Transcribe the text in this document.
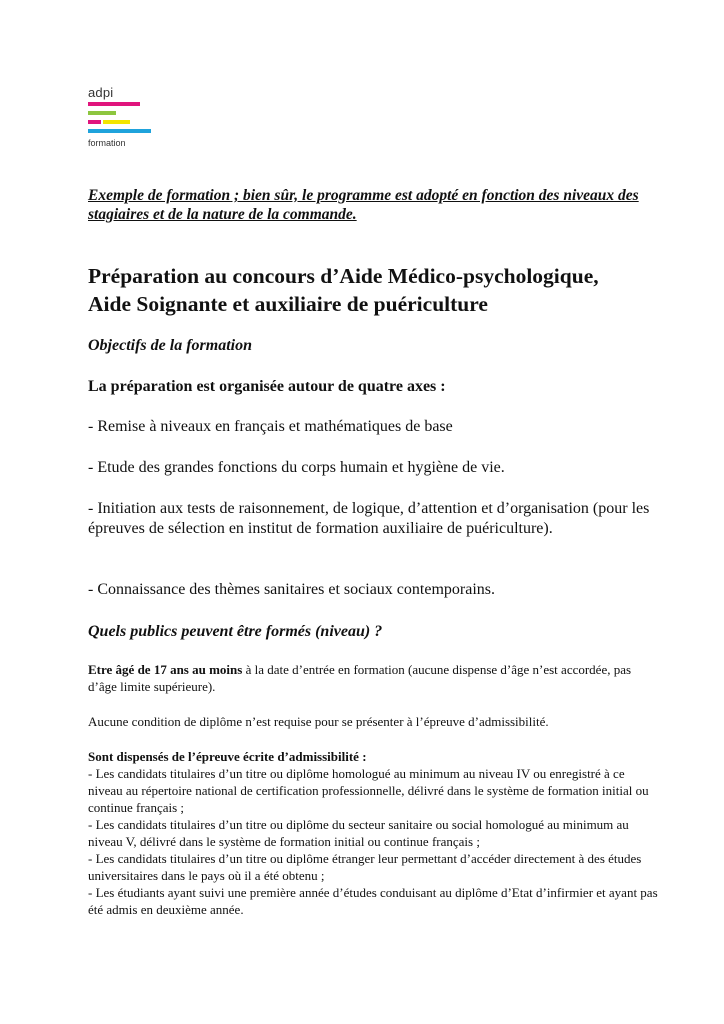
adpi
formation
Exemple de formation ; bien sûr, le programme est adopté en fonction des niveaux des stagiaires et de la nature de la commande.
Préparation au concours d’Aide Médico-psychologique,
Aide Soignante et auxiliaire de puériculture
Objectifs de la formation
La préparation est organisée autour de quatre axes :
- Remise à niveaux en français et mathématiques de base
- Etude des grandes fonctions du corps humain et hygiène de vie.
- Initiation aux tests de raisonnement, de logique, d’attention et d’organisation (pour les épreuves de sélection en institut de formation auxiliaire de puériculture).
- Connaissance des thèmes sanitaires et sociaux contemporains.
Quels publics peuvent être formés (niveau) ?
Etre âgé de 17 ans au moins à la date d’entrée en formation (aucune dispense d’âge n’est accordée, pas d’âge limite supérieure).
Aucune condition de diplôme n’est requise pour se présenter à l’épreuve d’admissibilité.
Sont dispensés de l’épreuve écrite d’admissibilité :
- Les candidats titulaires d’un titre ou diplôme homologué au minimum au niveau IV ou enregistré à ce niveau au répertoire national de certification professionnelle, délivré dans le système de formation initial ou continue français ;
- Les candidats titulaires d’un titre ou diplôme du secteur sanitaire ou social homologué au minimum au niveau V, délivré dans le système de formation initial ou continue français ;
- Les candidats titulaires d’un titre ou diplôme étranger leur permettant d’accéder directement à des études universitaires dans le pays où il a été obtenu ;
- Les étudiants ayant suivi une première année d’études conduisant au diplôme d’Etat d’infirmier et ayant pas été admis en deuxième année.
